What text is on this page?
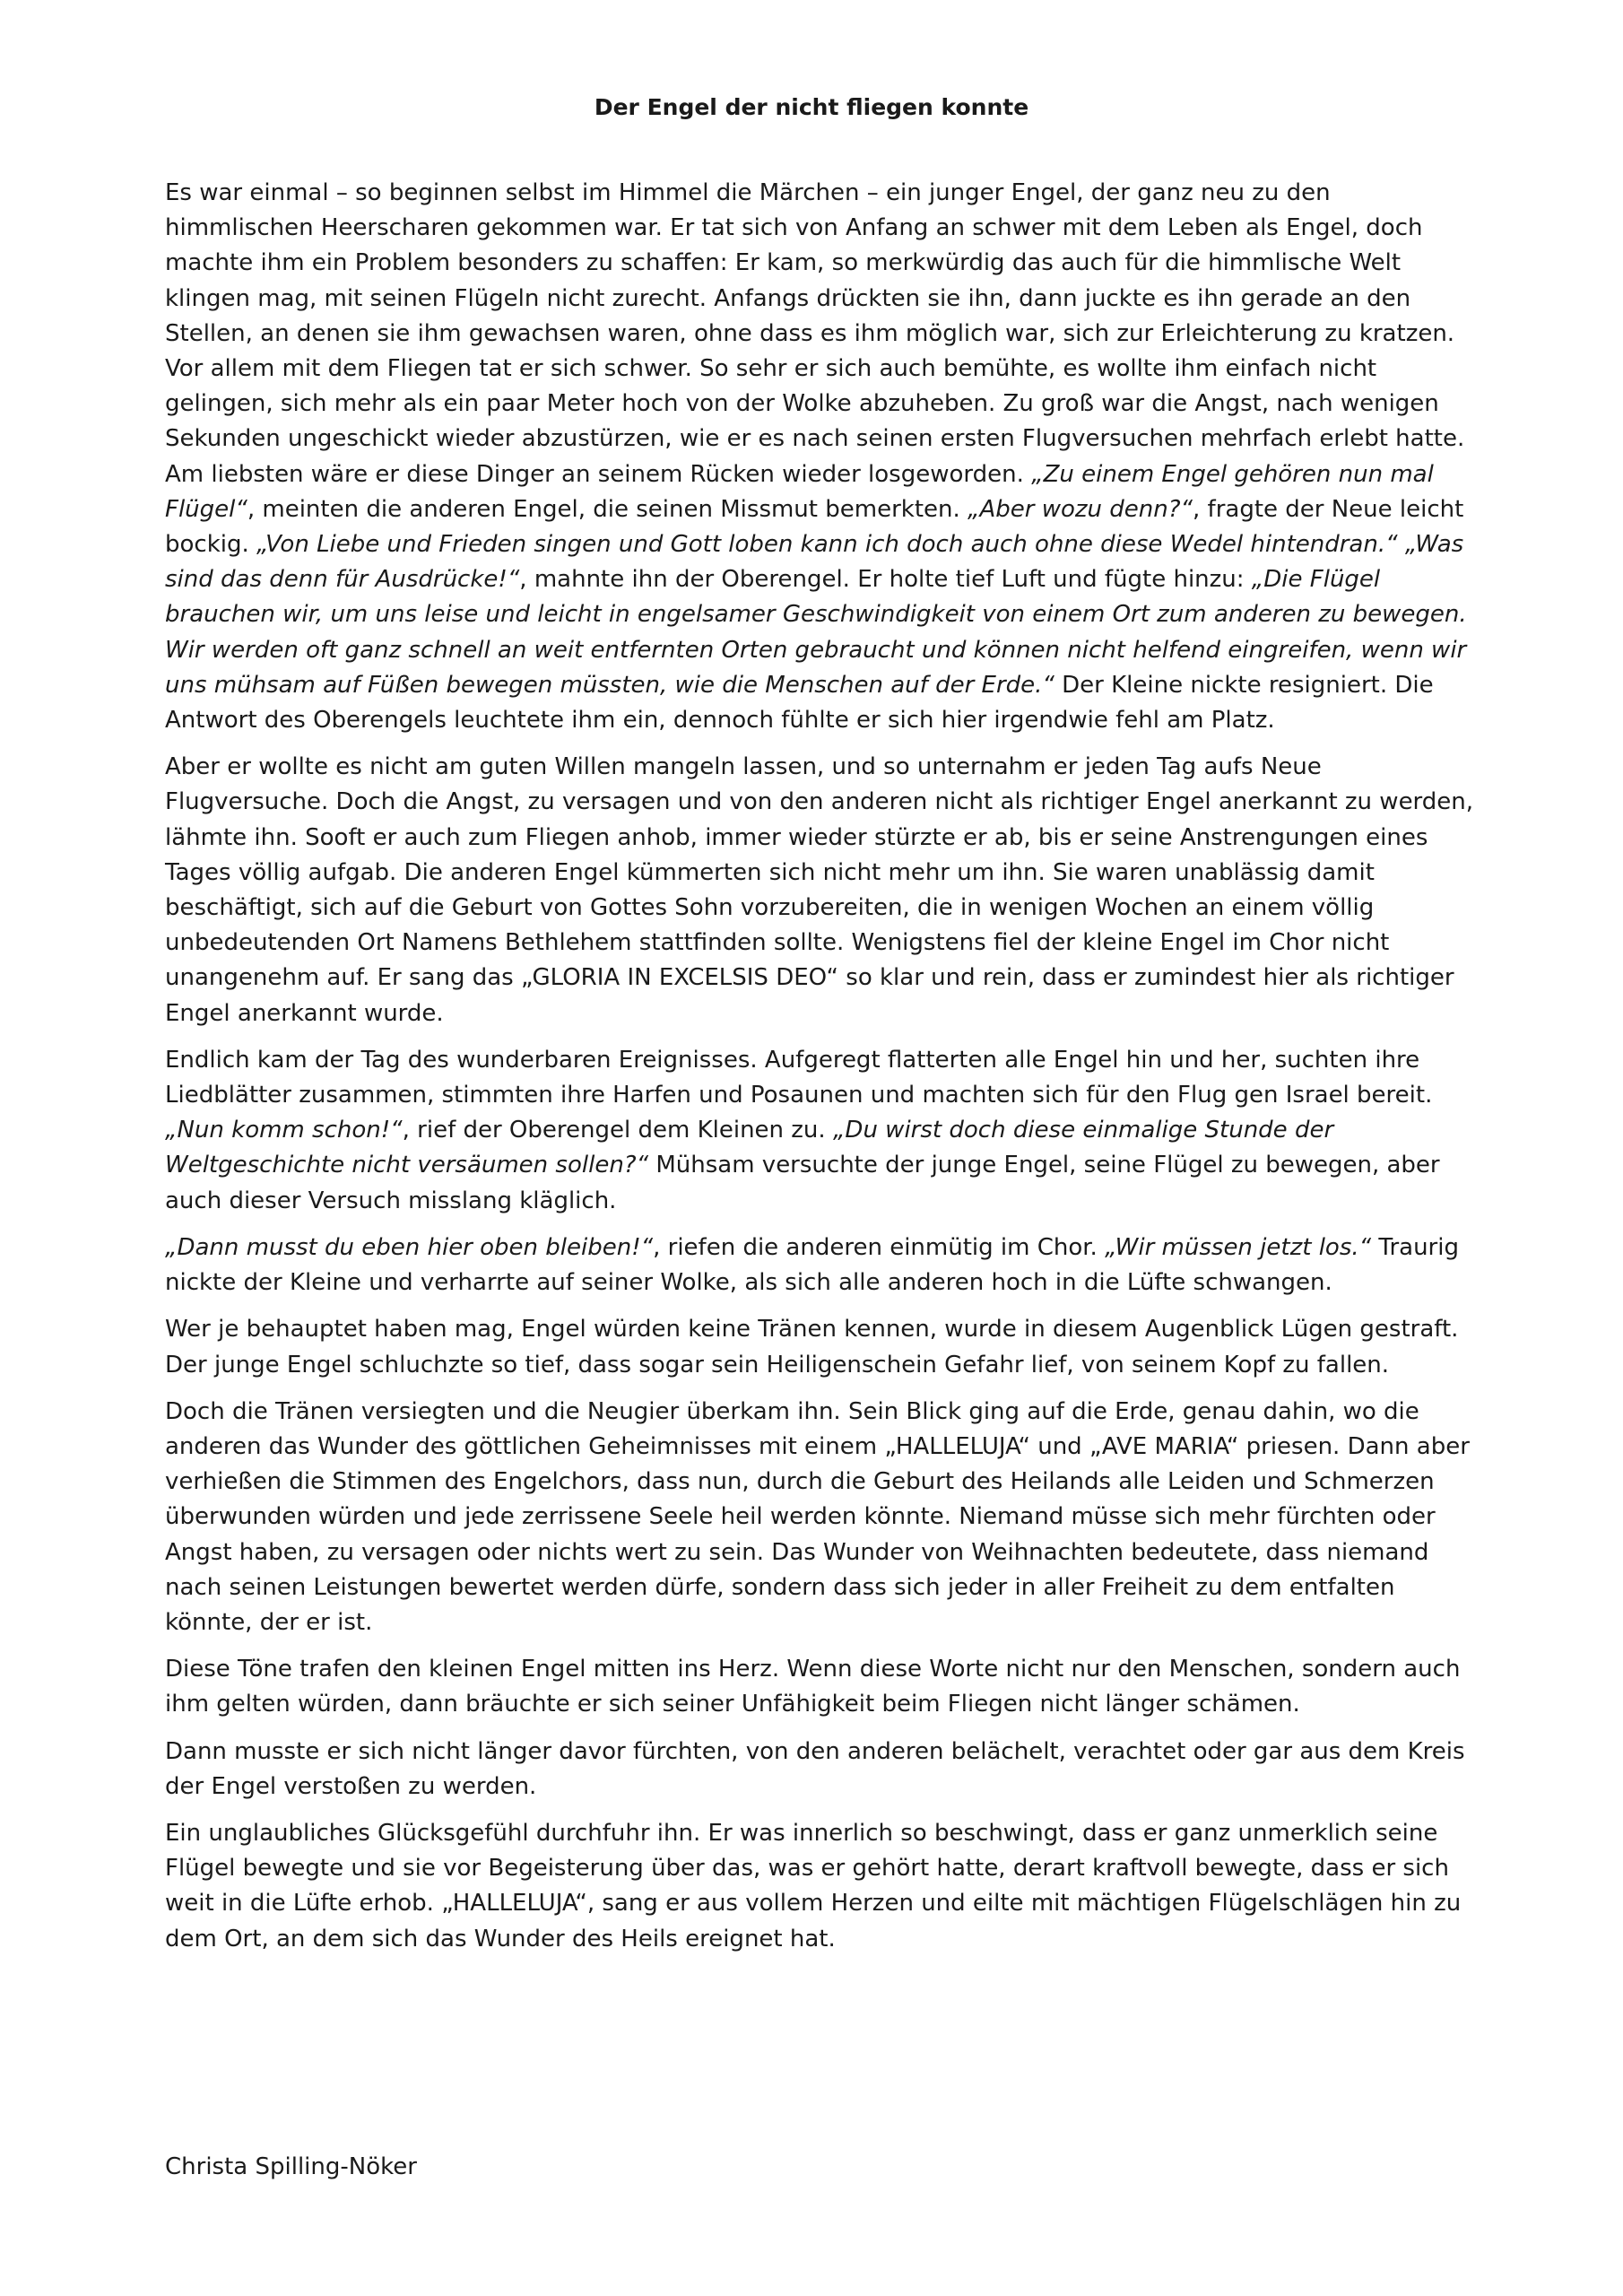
Der Engel der nicht fliegen konnte

Es war einmal – so beginnen selbst im Himmel die Märchen – ein junger Engel, der ganz neu zu den himmlischen Heerscharen gekommen war. Er tat sich von Anfang an schwer mit dem Leben als Engel, doch machte ihm ein Problem besonders zu schaffen: Er kam, so merkwürdig das auch für die himmlische Welt klingen mag, mit seinen Flügeln nicht zurecht. Anfangs drückten sie ihn, dann juckte es ihn gerade an den Stellen, an denen sie ihm gewachsen waren, ohne dass es ihm möglich war, sich zur Erleichterung zu kratzen. Vor allem mit dem Fliegen tat er sich schwer. So sehr er sich auch bemühte, es wollte ihm einfach nicht gelingen, sich mehr als ein paar Meter hoch von der Wolke abzuheben. Zu groß war die Angst, nach wenigen Sekunden ungeschickt wieder abzustürzen, wie er es nach seinen ersten Flugversuchen mehrfach erlebt hatte. Am liebsten wäre er diese Dinger an seinem Rücken wieder losgeworden. „Zu einem Engel gehören nun mal Flügel“, meinten die anderen Engel, die seinen Missmut bemerkten. „Aber wozu denn?“, fragte der Neue leicht bockig. „Von Liebe und Frieden singen und Gott loben kann ich doch auch ohne diese Wedel hintendran.“ „Was sind das denn für Ausdrücke!“, mahnte ihn der Oberengel. Er holte tief Luft und fügte hinzu: „Die Flügel brauchen wir, um uns leise und leicht in engelsamer Geschwindigkeit von einem Ort zum anderen zu bewegen. Wir werden oft ganz schnell an weit entfernten Orten gebraucht und können nicht helfend eingreifen, wenn wir uns mühsam auf Füßen bewegen müssten, wie die Menschen auf der Erde.“ Der Kleine nickte resigniert. Die Antwort des Oberengels leuchtete ihm ein, dennoch fühlte er sich hier irgendwie fehl am Platz.

Aber er wollte es nicht am guten Willen mangeln lassen, und so unternahm er jeden Tag aufs Neue Flugversuche. Doch die Angst, zu versagen und von den anderen nicht als richtiger Engel anerkannt zu werden, lähmte ihn. Sooft er auch zum Fliegen anhob, immer wieder stürzte er ab, bis er seine Anstrengungen eines Tages völlig aufgab. Die anderen Engel kümmerten sich nicht mehr um ihn. Sie waren unablässig damit beschäftigt, sich auf die Geburt von Gottes Sohn vorzubereiten, die in wenigen Wochen an einem völlig unbedeutenden Ort Namens Bethlehem stattfinden sollte. Wenigstens fiel der kleine Engel im Chor nicht unangenehm auf. Er sang das „GLORIA IN EXCELSIS DEO“ so klar und rein, dass er zumindest hier als richtiger Engel anerkannt wurde.

Endlich kam der Tag des wunderbaren Ereignisses. Aufgeregt flatterten alle Engel hin und her, suchten ihre Liedblätter zusammen, stimmten ihre Harfen und Posaunen und machten sich für den Flug gen Israel bereit. „Nun komm schon!“, rief der Oberengel dem Kleinen zu. „Du wirst doch diese einmalige Stunde der Weltgeschichte nicht versäumen sollen?“ Mühsam versuchte der junge Engel, seine Flügel zu bewegen, aber auch dieser Versuch misslang kläglich.

„Dann musst du eben hier oben bleiben!“, riefen die anderen einmütig im Chor. „Wir müssen jetzt los.“ Traurig nickte der Kleine und verharrte auf seiner Wolke, als sich alle anderen hoch in die Lüfte schwangen.

Wer je behauptet haben mag, Engel würden keine Tränen kennen, wurde in diesem Augenblick Lügen gestraft. Der junge Engel schluchzte so tief, dass sogar sein Heiligenschein Gefahr lief, von seinem Kopf zu fallen.

Doch die Tränen versiegten und die Neugier überkam ihn. Sein Blick ging auf die Erde, genau dahin, wo die anderen das Wunder des göttlichen Geheimnisses mit einem „HALLELUJA“ und „AVE MARIA“ priesen. Dann aber verhießen die Stimmen des Engelchors, dass nun, durch die Geburt des Heilands alle Leiden und Schmerzen überwunden würden und jede zerrissene Seele heil werden könnte. Niemand müsse sich mehr fürchten oder Angst haben, zu versagen oder nichts wert zu sein. Das Wunder von Weihnachten bedeutete, dass niemand nach seinen Leistungen bewertet werden dürfe, sondern dass sich jeder in aller Freiheit zu dem entfalten könnte, der er ist.

Diese Töne trafen den kleinen Engel mitten ins Herz. Wenn diese Worte nicht nur den Menschen, sondern auch ihm gelten würden, dann bräuchte er sich seiner Unfähigkeit beim Fliegen nicht länger schämen.

Dann musste er sich nicht länger davor fürchten, von den anderen belächelt, verachtet oder gar aus dem Kreis der Engel verstoßen zu werden.

Ein unglaubliches Glücksgefühl durchfuhr ihn. Er was innerlich so beschwingt, dass er ganz unmerklich seine Flügel bewegte und sie vor Begeisterung über das, was er gehört hatte, derart kraftvoll bewegte, dass er sich weit in die Lüfte erhob. „HALLELUJA“, sang er aus vollem Herzen und eilte mit mächtigen Flügelschlägen hin zu dem Ort, an dem sich das Wunder des Heils ereignet hat.

Christa Spilling-Nöker
